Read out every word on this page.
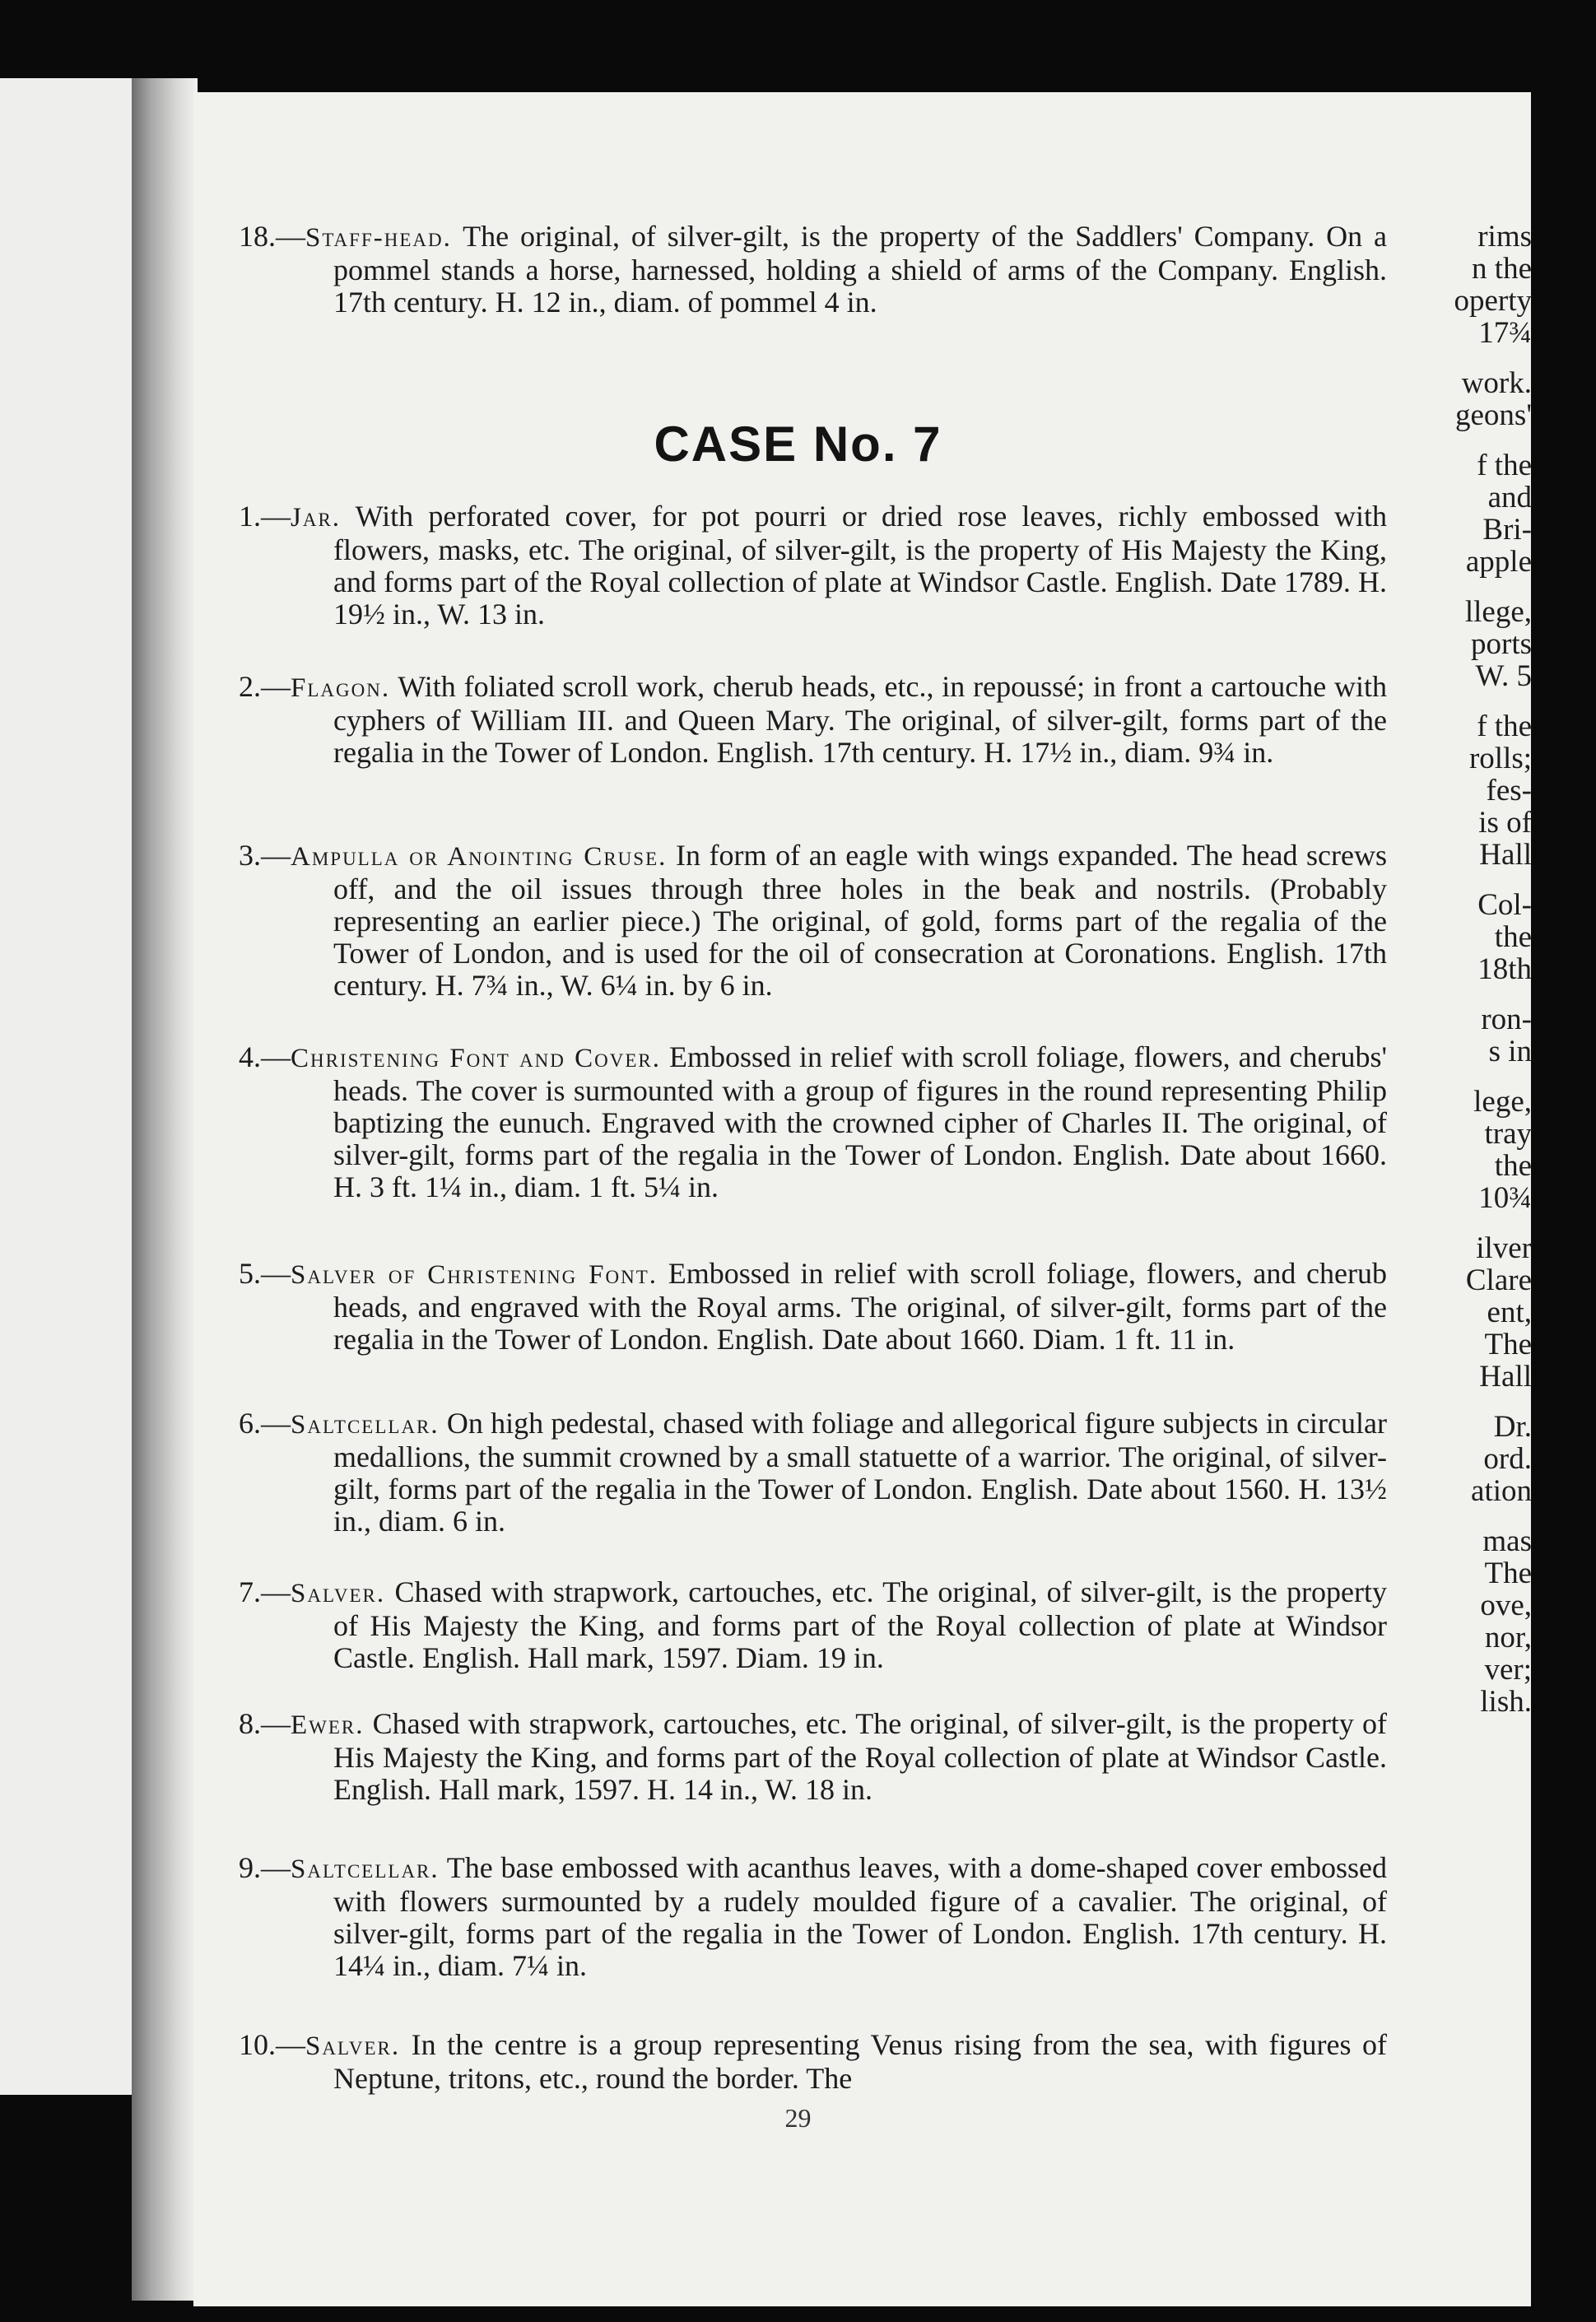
rims
n the
operty
17¾
work.
geons'
f the
and
Bri-
apple
llege,
ports
W. 5
f the
rolls;
fes-
is of
Hall
Col-
the
18th
ron-
s in
lege,
tray
the
10¾
ilver
Clare
ent,
The
Hall
Dr.
ord.
ation
mas
The
ove,
nor,
ver;
lish.
18.—Staff-head. The original, of silver-gilt, is the property of the Saddlers' Company. On a pommel stands a horse, harnessed, holding a shield of arms of the Company. English. 17th century. H. 12 in., diam. of pommel 4 in.
CASE No. 7
1.—Jar. With perforated cover, for pot pourri or dried rose leaves, richly embossed with flowers, masks, etc. The original, of silver-gilt, is the property of His Majesty the King, and forms part of the Royal collection of plate at Windsor Castle. English. Date 1789. H. 19½ in., W. 13 in.
2.—Flagon. With foliated scroll work, cherub heads, etc., in repoussé; in front a cartouche with cyphers of William III. and Queen Mary. The original, of silver-gilt, forms part of the regalia in the Tower of London. English. 17th century. H. 17½ in., diam. 9¾ in.
3.—Ampulla or Anointing Cruse. In form of an eagle with wings expanded. The head screws off, and the oil issues through three holes in the beak and nostrils. (Probably representing an earlier piece.) The original, of gold, forms part of the regalia of the Tower of London, and is used for the oil of consecration at Coronations. English. 17th century. H. 7¾ in., W. 6¼ in. by 6 in.
4.—Christening Font and Cover. Embossed in relief with scroll foliage, flowers, and cherubs' heads. The cover is surmounted with a group of figures in the round representing Philip baptizing the eunuch. Engraved with the crowned cipher of Charles II. The original, of silver-gilt, forms part of the regalia in the Tower of London. English. Date about 1660. H. 3 ft. 1¼ in., diam. 1 ft. 5¼ in.
5.—Salver of Christening Font. Embossed in relief with scroll foliage, flowers, and cherub heads, and engraved with the Royal arms. The original, of silver-gilt, forms part of the regalia in the Tower of London. English. Date about 1660. Diam. 1 ft. 11 in.
6.—Saltcellar. On high pedestal, chased with foliage and allegorical figure subjects in circular medallions, the summit crowned by a small statuette of a warrior. The original, of silver-gilt, forms part of the regalia in the Tower of London. English. Date about 1560. H. 13½ in., diam. 6 in.
7.—Salver. Chased with strapwork, cartouches, etc. The original, of silver-gilt, is the property of His Majesty the King, and forms part of the Royal collection of plate at Windsor Castle. English. Hall mark, 1597. Diam. 19 in.
8.—Ewer. Chased with strapwork, cartouches, etc. The original, of silver-gilt, is the property of His Majesty the King, and forms part of the Royal collection of plate at Windsor Castle. English. Hall mark, 1597. H. 14 in., W. 18 in.
9.—Saltcellar. The base embossed with acanthus leaves, with a dome-shaped cover embossed with flowers surmounted by a rudely moulded figure of a cavalier. The original, of silver-gilt, forms part of the regalia in the Tower of London. English. 17th century. H. 14¼ in., diam. 7¼ in.
10.—Salver. In the centre is a group representing Venus rising from the sea, with figures of Neptune, tritons, etc., round the border. The
29
